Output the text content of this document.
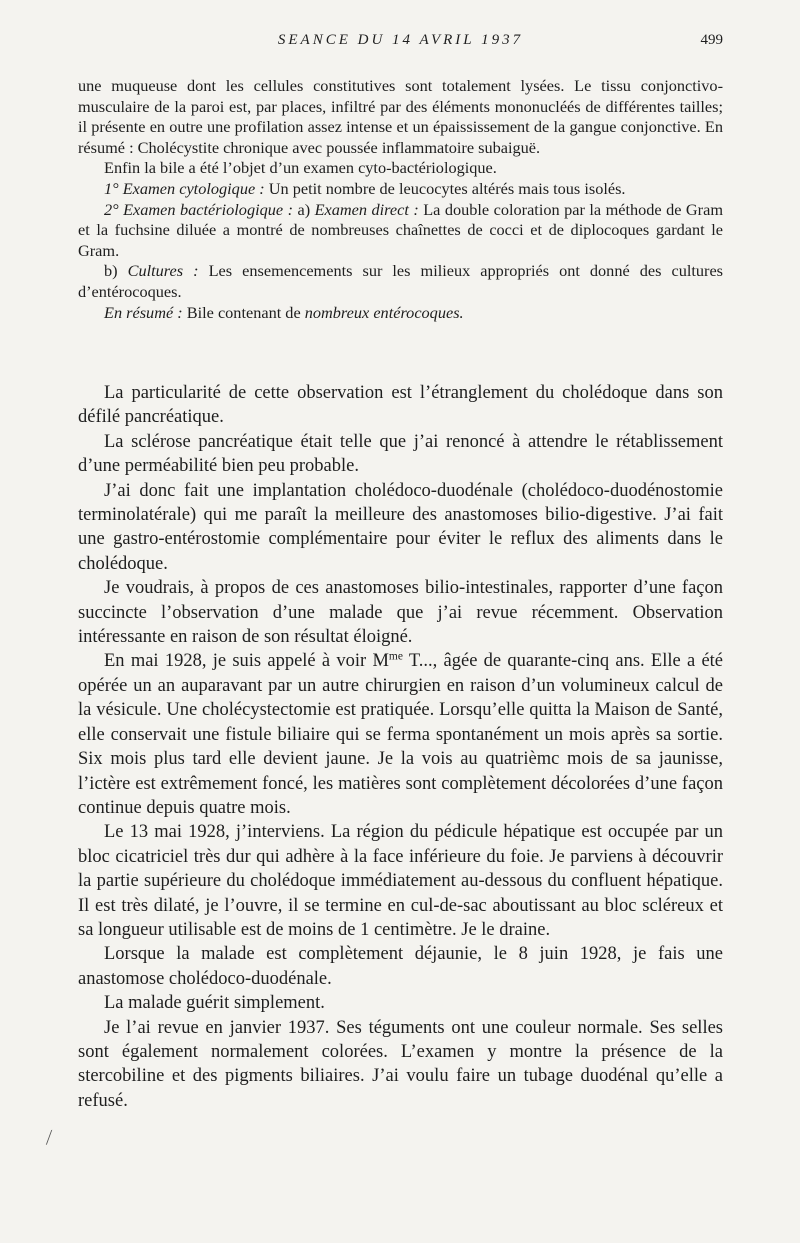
SEANCE DU 14 AVRIL 1937	499

une muqueuse dont les cellules constitutives sont totalement lysées. Le tissu conjonctivo-musculaire de la paroi est, par places, infiltré par des éléments mononucléés de différentes tailles; il présente en outre une profilation assez intense et un épaississement de la gangue conjonctive. En résumé : Cholécystite chronique avec poussée inflammatoire subaiguë.

Enfin la bile a été l’objet d’un examen cyto-bactériologique.

1° Examen cytologique : Un petit nombre de leucocytes altérés mais tous isolés.

2° Examen bactériologique : a) Examen direct : La double coloration par la méthode de Gram et la fuchsine diluée a montré de nombreuses chaînettes de cocci et de diplocoques gardant le Gram.

b) Cultures : Les ensemencements sur les milieux appropriés ont donné des cultures d’entérocoques.

En résumé : Bile contenant de nombreux entérocoques.

La particularité de cette observation est l’étranglement du cholédoque dans son défilé pancréatique.

La sclérose pancréatique était telle que j’ai renoncé à attendre le rétablissement d’une perméabilité bien peu probable.

J’ai donc fait une implantation cholédoco-duodénale (cholédoco-duodénostomie terminolatérale) qui me paraît la meilleure des anastomoses bilio-digestive. J’ai fait une gastro-entérostomie complémentaire pour éviter le reflux des aliments dans le cholédoque.

Je voudrais, à propos de ces anastomoses bilio-intestinales, rapporter d’une façon succincte l’observation d’une malade que j’ai revue récemment. Observation intéressante en raison de son résultat éloigné.

En mai 1928, je suis appelé à voir $M^{me}$ T..., âgée de quarante-cinq ans. Elle a été opérée un an auparavant par un autre chirurgien en raison d’un volumineux calcul de la vésicule. Une cholécystectomie est pratiquée. Lorsqu’elle quitta la Maison de Santé, elle conservait une fistule biliaire qui se ferma spontanément un mois après sa sortie. Six mois plus tard elle devient jaune. Je la vois au quatrièmc mois de sa jaunisse, l’ictère est extrêmement foncé, les matières sont complètement décolorées d’une façon continue depuis quatre mois.

Le 13 mai 1928, j’interviens. La région du pédicule hépatique est occupée par un bloc cicatriciel très dur qui adhère à la face inférieure du foie. Je parviens à découvrir la partie supérieure du cholédoque immédiatement au-dessous du confluent hépatique. Il est très dilaté, je l’ouvre, il se termine en cul-de-sac aboutissant au bloc scléreux et sa longueur utilisable est de moins de 1 centimètre. Je le draine.

Lorsque la malade est complètement déjaunie, le 8 juin 1928, je fais une anastomose cholédoco-duodénale.

La malade guérit simplement.

Je l’ai revue en janvier 1937. Ses téguments ont une couleur normale. Ses selles sont également normalement colorées. L’examen y montre la présence de la stercobiline et des pigments biliaires. J’ai voulu faire un tubage duodénal qu’elle a refusé.

⟋
